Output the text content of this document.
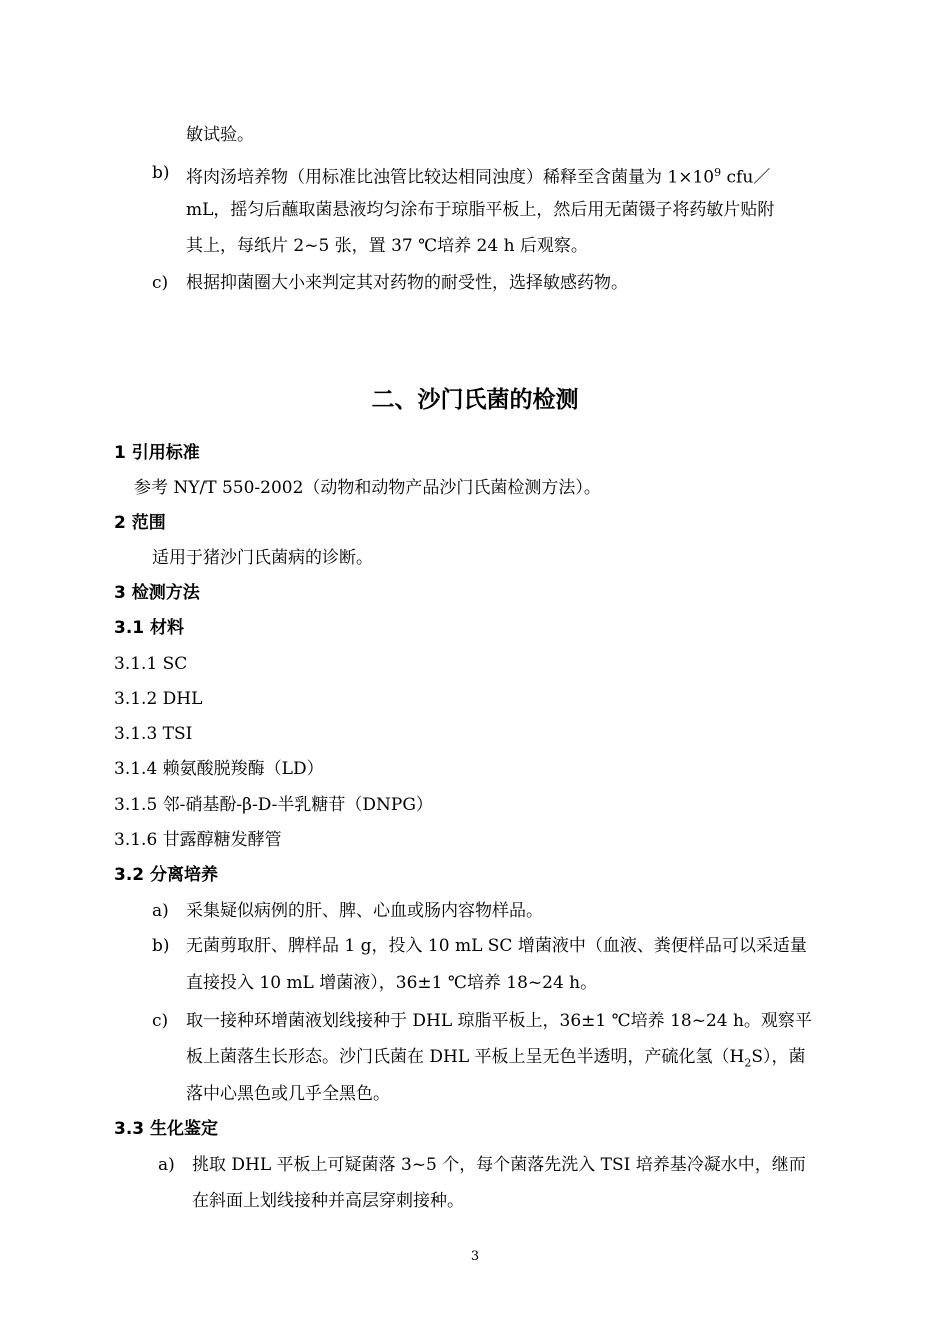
敏试验。
b) 将肉汤培养物（用标准比浊管比较达相同浊度）稀释至含菌量为 $1\times 10^9$ cfu／
mL，摇匀后蘸取菌悬液均匀涂布于琼脂平板上，然后用无菌镊子将药敏片贴附
其上，每纸片 2~5 张，置 37 ℃培养 24 h 后观察。
c) 根据抑菌圈大小来判定其对药物的耐受性，选择敏感药物。
二、沙门氏菌的检测
1 引用标准
参考 NY/T 550-2002（动物和动物产品沙门氏菌检测方法）。
2 范围
适用于猪沙门氏菌病的诊断。
3 检测方法
3.1 材料
3.1.1 SC
3.1.2 DHL
3.1.3 TSI
3.1.4 赖氨酸脱羧酶（LD）
3.1.5 邻-硝基酚-β-D-半乳糖苷（DNPG）
3.1.6 甘露醇糖发酵管
3.2 分离培养
a) 采集疑似病例的肝、脾、心血或肠内容物样品。
b) 无菌剪取肝、脾样品 1 g，投入 10 mL SC 增菌液中（血液、粪便样品可以采适量
直接投入 10 mL 增菌液），36±1 ℃培养 18~24 h。
c) 取一接种环增菌液划线接种于 DHL 琼脂平板上，36±1 ℃培养 18~24 h。观察平
板上菌落生长形态。沙门氏菌在 DHL 平板上呈无色半透明，产硫化氢$(H_2S)$，菌
落中心黑色或几乎全黑色。
3.3 生化鉴定
a) 挑取 DHL 平板上可疑菌落 3~5 个，每个菌落先洗入 TSI 培养基冷凝水中，继而
在斜面上划线接种并高层穿刺接种。
3
